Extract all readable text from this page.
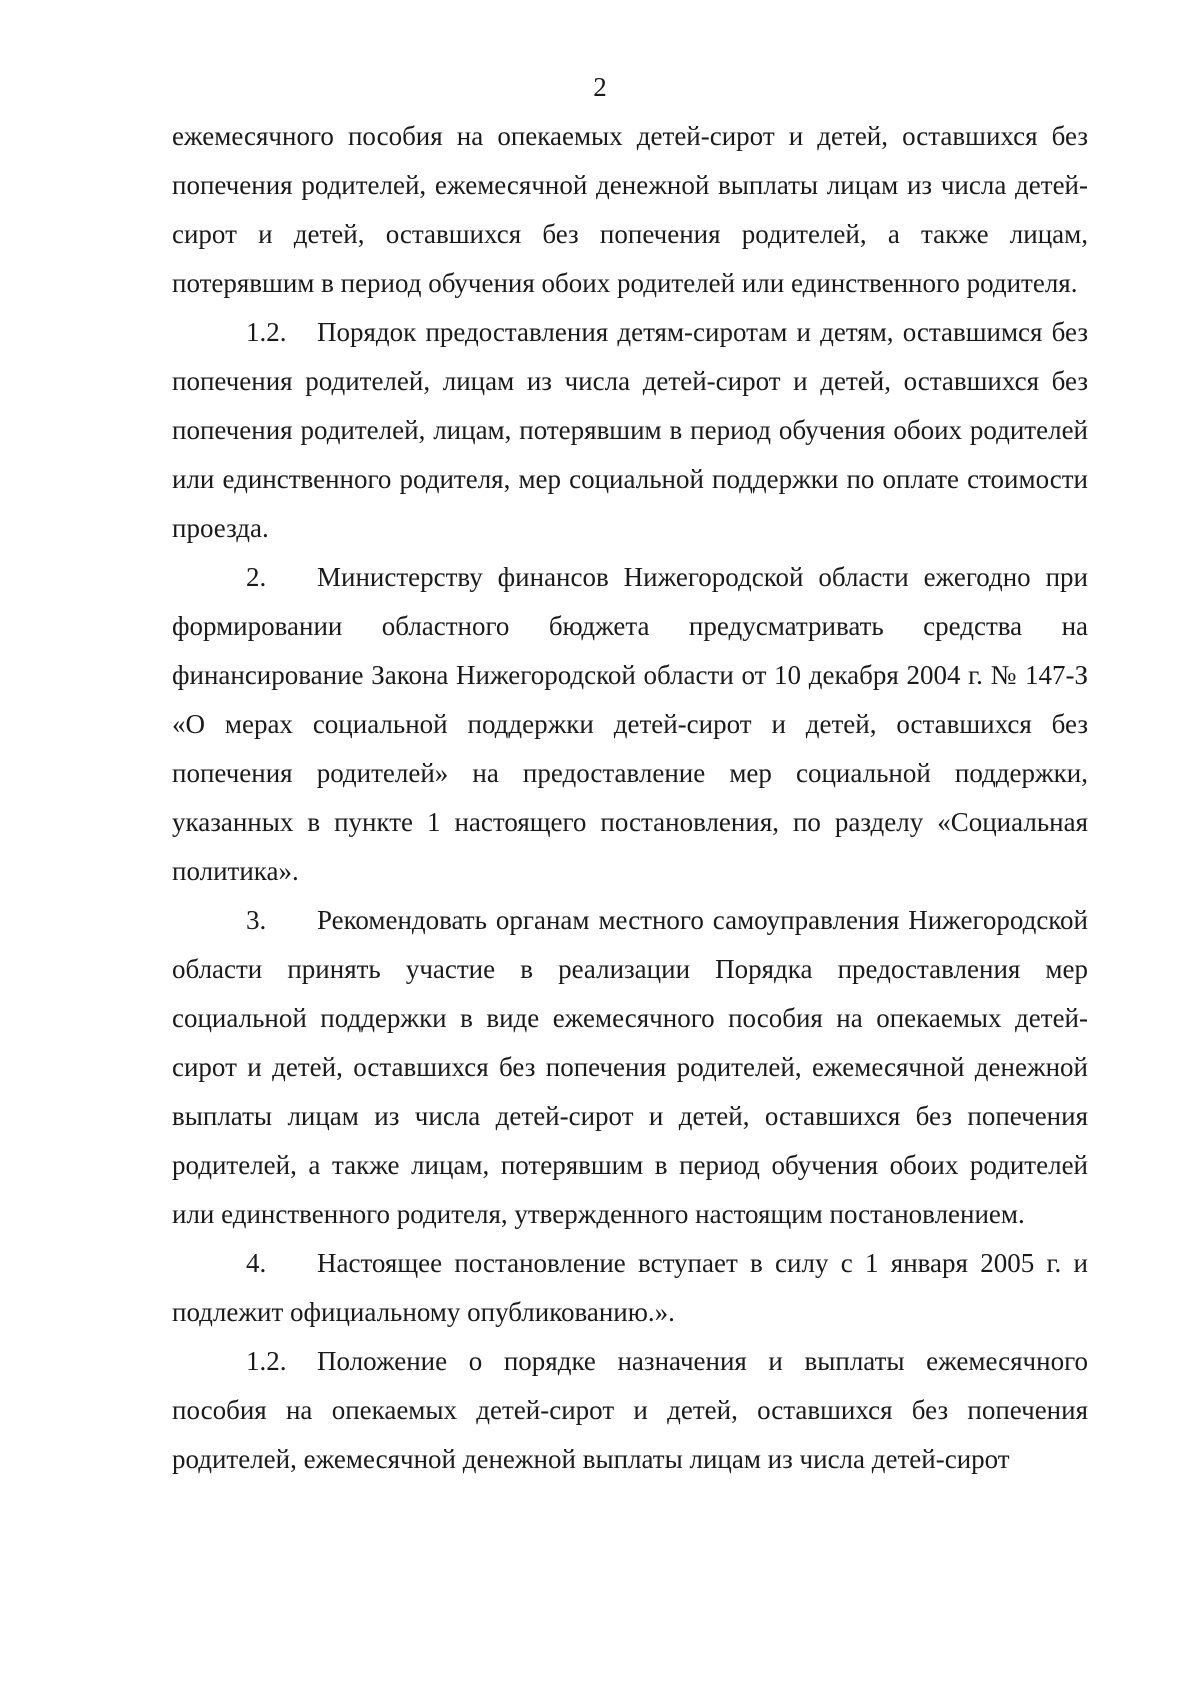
2

ежемесячного пособия на опекаемых детей-сирот и детей, оставшихся без попечения родителей, ежемесячной денежной выплаты лицам из числа детей-сирот и детей, оставшихся без попечения родителей, а также лицам, потерявшим в период обучения обоих родителей или единственного родителя.

1.2. Порядок предоставления детям-сиротам и детям, оставшимся без попечения родителей, лицам из числа детей-сирот и детей, оставшихся без попечения родителей, лицам, потерявшим в период обучения обоих родителей или единственного родителя, мер социальной поддержки по оплате стоимости проезда.

2. Министерству финансов Нижегородской области ежегодно при формировании областного бюджета предусматривать средства на финансирование Закона Нижегородской области от 10 декабря 2004 г. № 147-З «О мерах социальной поддержки детей-сирот и детей, оставшихся без попечения родителей» на предоставление мер социальной поддержки, указанных в пункте 1 настоящего постановления, по разделу «Социальная политика».

3. Рекомендовать органам местного самоуправления Нижегородской области принять участие в реализации Порядка предоставления мер социальной поддержки в виде ежемесячного пособия на опекаемых детей-сирот и детей, оставшихся без попечения родителей, ежемесячной денежной выплаты лицам из числа детей-сирот и детей, оставшихся без попечения родителей, а также лицам, потерявшим в период обучения обоих родителей или единственного родителя, утвержденного настоящим постановлением.

4. Настоящее постановление вступает в силу с 1 января 2005 г. и подлежит официальному опубликованию.».

1.2. Положение о порядке назначения и выплаты ежемесячного пособия на опекаемых детей-сирот и детей, оставшихся без попечения родителей, ежемесячной денежной выплаты лицам из числа детей-сирот
